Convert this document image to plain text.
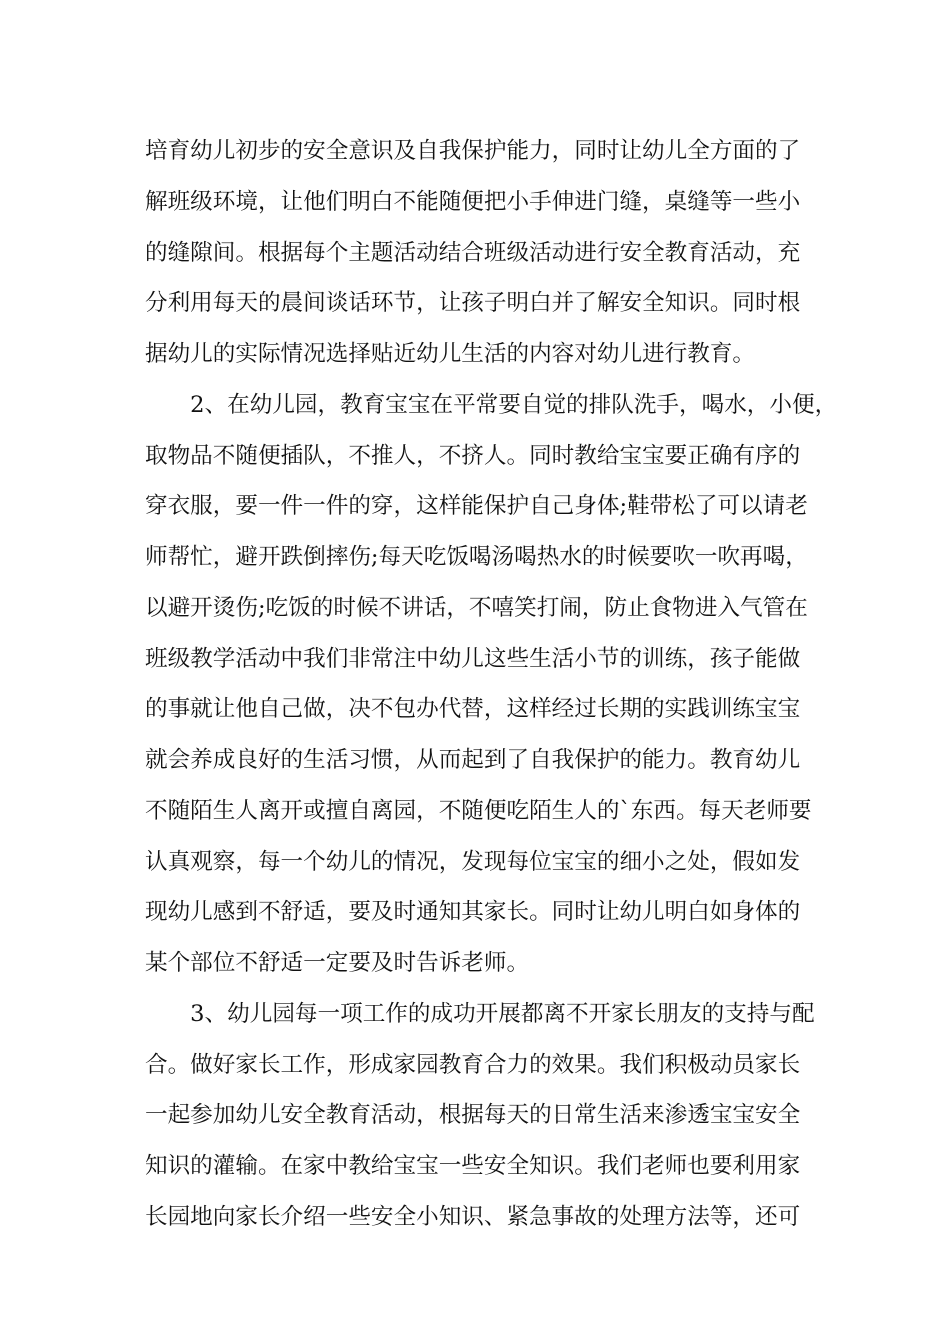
培育幼儿初步的安全意识及自我保护能力，同时让幼儿全方面的了
解班级环境，让他们明白不能随便把小手伸进门缝，桌缝等一些小
的缝隙间。根据每个主题活动结合班级活动进行安全教育活动，充
分利用每天的晨间谈话环节，让孩子明白并了解安全知识。同时根
据幼儿的实际情况选择贴近幼儿生活的内容对幼儿进行教育。
　　2、在幼儿园，教育宝宝在平常要自觉的排队洗手，喝水，小便，
取物品不随便插队，不推人，不挤人。同时教给宝宝要正确有序的
穿衣服，要一件一件的穿，这样能保护自己身体;鞋带松了可以请老
师帮忙，避开跌倒摔伤;每天吃饭喝汤喝热水的时候要吹一吹再喝，
以避开烫伤;吃饭的时候不讲话，不嘻笑打闹，防止食物进入气管在
班级教学活动中我们非常注中幼儿这些生活小节的训练，孩子能做
的事就让他自己做，决不包办代替，这样经过长期的实践训练宝宝
就会养成良好的生活习惯，从而起到了自我保护的能力。教育幼儿
不随陌生人离开或擅自离园，不随便吃陌生人的`东西。每天老师要
认真观察，每一个幼儿的情况，发现每位宝宝的细小之处，假如发
现幼儿感到不舒适，要及时通知其家长。同时让幼儿明白如身体的
某个部位不舒适一定要及时告诉老师。
　　3、幼儿园每一项工作的成功开展都离不开家长朋友的支持与配
合。做好家长工作，形成家园教育合力的效果。我们积极动员家长
一起参加幼儿安全教育活动，根据每天的日常生活来渗透宝宝安全
知识的灌输。在家中教给宝宝一些安全知识。我们老师也要利用家
长园地向家长介绍一些安全小知识、紧急事故的处理方法等，还可
